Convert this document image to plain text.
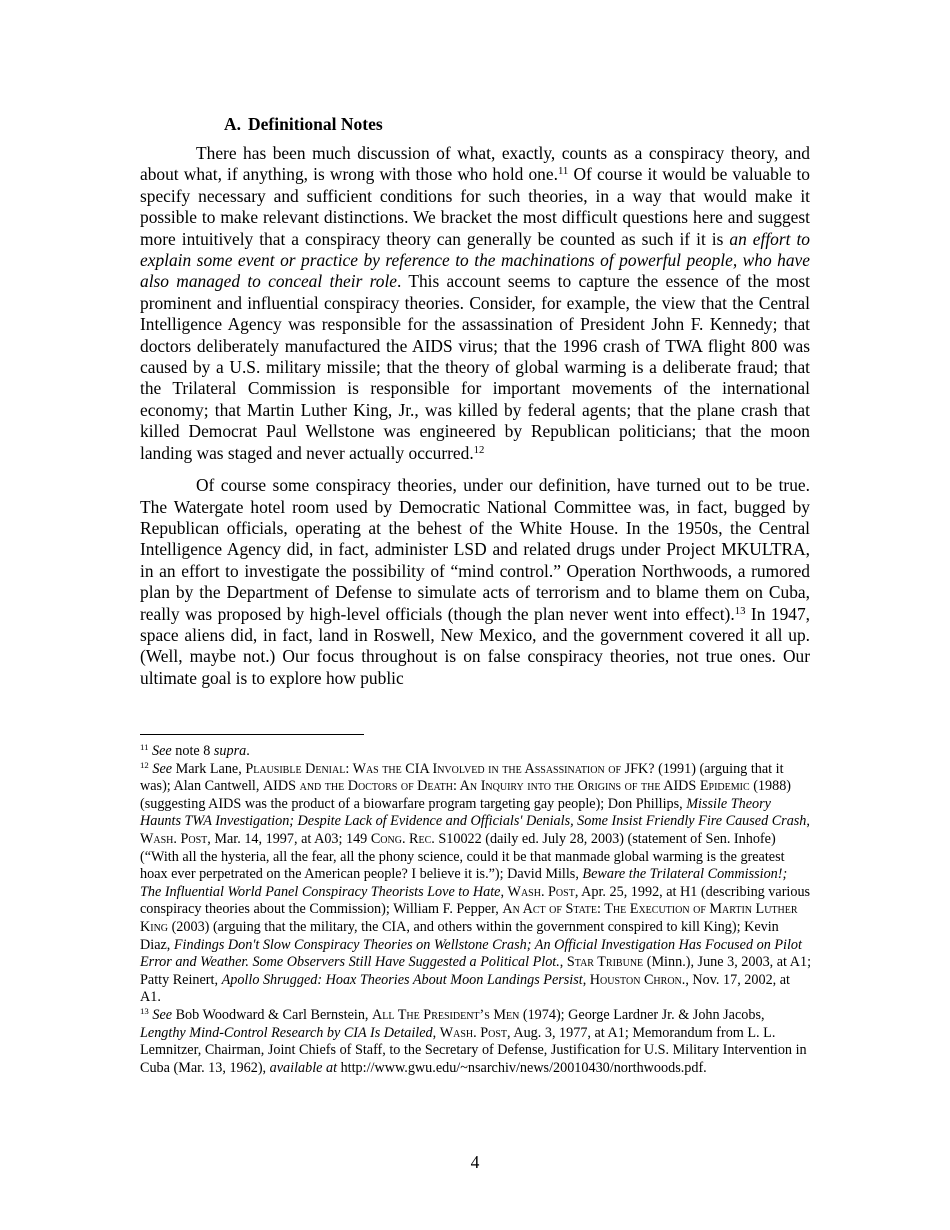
A. Definitional Notes

There has been much discussion of what, exactly, counts as a conspiracy theory, and about what, if anything, is wrong with those who hold one.$^{11}$ Of course it would be valuable to specify necessary and sufficient conditions for such theories, in a way that would make it possible to make relevant distinctions. We bracket the most difficult questions here and suggest more intuitively that a conspiracy theory can generally be counted as such if it is an effort to explain some event or practice by reference to the machinations of powerful people, who have also managed to conceal their role. This account seems to capture the essence of the most prominent and influential conspiracy theories. Consider, for example, the view that the Central Intelligence Agency was responsible for the assassination of President John F. Kennedy; that doctors deliberately manufactured the AIDS virus; that the 1996 crash of TWA flight 800 was caused by a U.S. military missile; that the theory of global warming is a deliberate fraud; that the Trilateral Commission is responsible for important movements of the international economy; that Martin Luther King, Jr., was killed by federal agents; that the plane crash that killed Democrat Paul Wellstone was engineered by Republican politicians; that the moon landing was staged and never actually occurred.$^{12}$

Of course some conspiracy theories, under our definition, have turned out to be true. The Watergate hotel room used by Democratic National Committee was, in fact, bugged by Republican officials, operating at the behest of the White House. In the 1950s, the Central Intelligence Agency did, in fact, administer LSD and related drugs under Project MKULTRA, in an effort to investigate the possibility of “mind control.” Operation Northwoods, a rumored plan by the Department of Defense to simulate acts of terrorism and to blame them on Cuba, really was proposed by high-level officials (though the plan never went into effect).$^{13}$ In 1947, space aliens did, in fact, land in Roswell, New Mexico, and the government covered it all up. (Well, maybe not.) Our focus throughout is on false conspiracy theories, not true ones. Our ultimate goal is to explore how public

$^{11}$ See note 8 supra.

$^{12}$ See Mark Lane, Plausible Denial: Was the CIA Involved in the Assassination of JFK? (1991) (arguing that it was); Alan Cantwell, AIDS and the Doctors of Death: An Inquiry into the Origins of the AIDS Epidemic (1988) (suggesting AIDS was the product of a biowarfare program targeting gay people); Don Phillips, Missile Theory Haunts TWA Investigation; Despite Lack of Evidence and Officials' Denials, Some Insist Friendly Fire Caused Crash, Wash. Post, Mar. 14, 1997, at A03; 149 Cong. Rec. S10022 (daily ed. July 28, 2003) (statement of Sen. Inhofe) (“With all the hysteria, all the fear, all the phony science, could it be that manmade global warming is the greatest hoax ever perpetrated on the American people? I believe it is.”); David Mills, Beware the Trilateral Commission!; The Influential World Panel Conspiracy Theorists Love to Hate, Wash. Post, Apr. 25, 1992, at H1 (describing various conspiracy theories about the Commission); William F. Pepper, An Act of State: The Execution of Martin Luther King (2003) (arguing that the military, the CIA, and others within the government conspired to kill King); Kevin Diaz, Findings Don't Slow Conspiracy Theories on Wellstone Crash; An Official Investigation Has Focused on Pilot Error and Weather. Some Observers Still Have Suggested a Political Plot., Star Tribune (Minn.), June 3, 2003, at A1; Patty Reinert, Apollo Shrugged: Hoax Theories About Moon Landings Persist, Houston Chron., Nov. 17, 2002, at A1.

$^{13}$ See Bob Woodward & Carl Bernstein, All The President’s Men (1974); George Lardner Jr. & John Jacobs, Lengthy Mind-Control Research by CIA Is Detailed, Wash. Post, Aug. 3, 1977, at A1; Memorandum from L. L. Lemnitzer, Chairman, Joint Chiefs of Staff, to the Secretary of Defense, Justification for U.S. Military Intervention in Cuba (Mar. 13, 1962), available at http://www.gwu.edu/~nsarchiv/news/20010430/northwoods.pdf.

4
